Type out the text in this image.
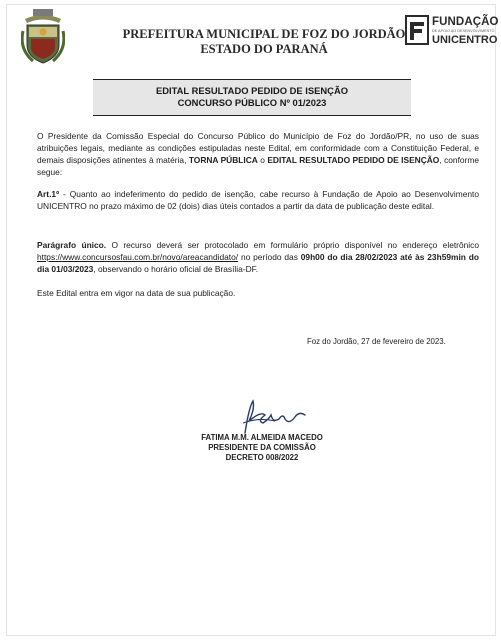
PREFEITURA MUNICIPAL DE FOZ DO JORDÃO
ESTADO DO PARANÁ
FUNDAÇÃO
DE APOIO AO DESENVOLVIMENTO
UNICENTRO
EDITAL RESULTADO PEDIDO DE ISENÇÃO
CONCURSO PÚBLICO Nº 01/2023
O Presidente da Comissão Especial do Concurso Público do Município de Foz do Jordão/PR, no uso de suas atribuições legais, mediante as condições estipuladas neste Edital, em conformidade com a Constituição Federal, e demais disposições atinentes à matéria, TORNA PÚBLICA o EDITAL RESULTADO PEDIDO DE ISENÇÃO, conforme segue:
Art.1º - Quanto ao indeferimento do pedido de isenção, cabe recurso à Fundação de Apoio ao Desenvolvimento UNICENTRO no prazo máximo de 02 (dois) dias úteis contados a partir da data de publicação deste edital.
Parágrafo único. O recurso deverá ser protocolado em formulário próprio disponível no endereço eletrônico https://www.concursosfau.com.br/novo/areacandidato/ no período das 09h00 do dia 28/02/2023 até às 23h59min do dia 01/03/2023, observando o horário oficial de Brasília-DF.
Este Edital entra em vigor na data de sua publicação.
Foz do Jordão, 27 de fevereiro de 2023.
FATIMA M.M. ALMEIDA MACEDO
PRESIDENTE DA COMISSÃO
DECRETO 008/2022
